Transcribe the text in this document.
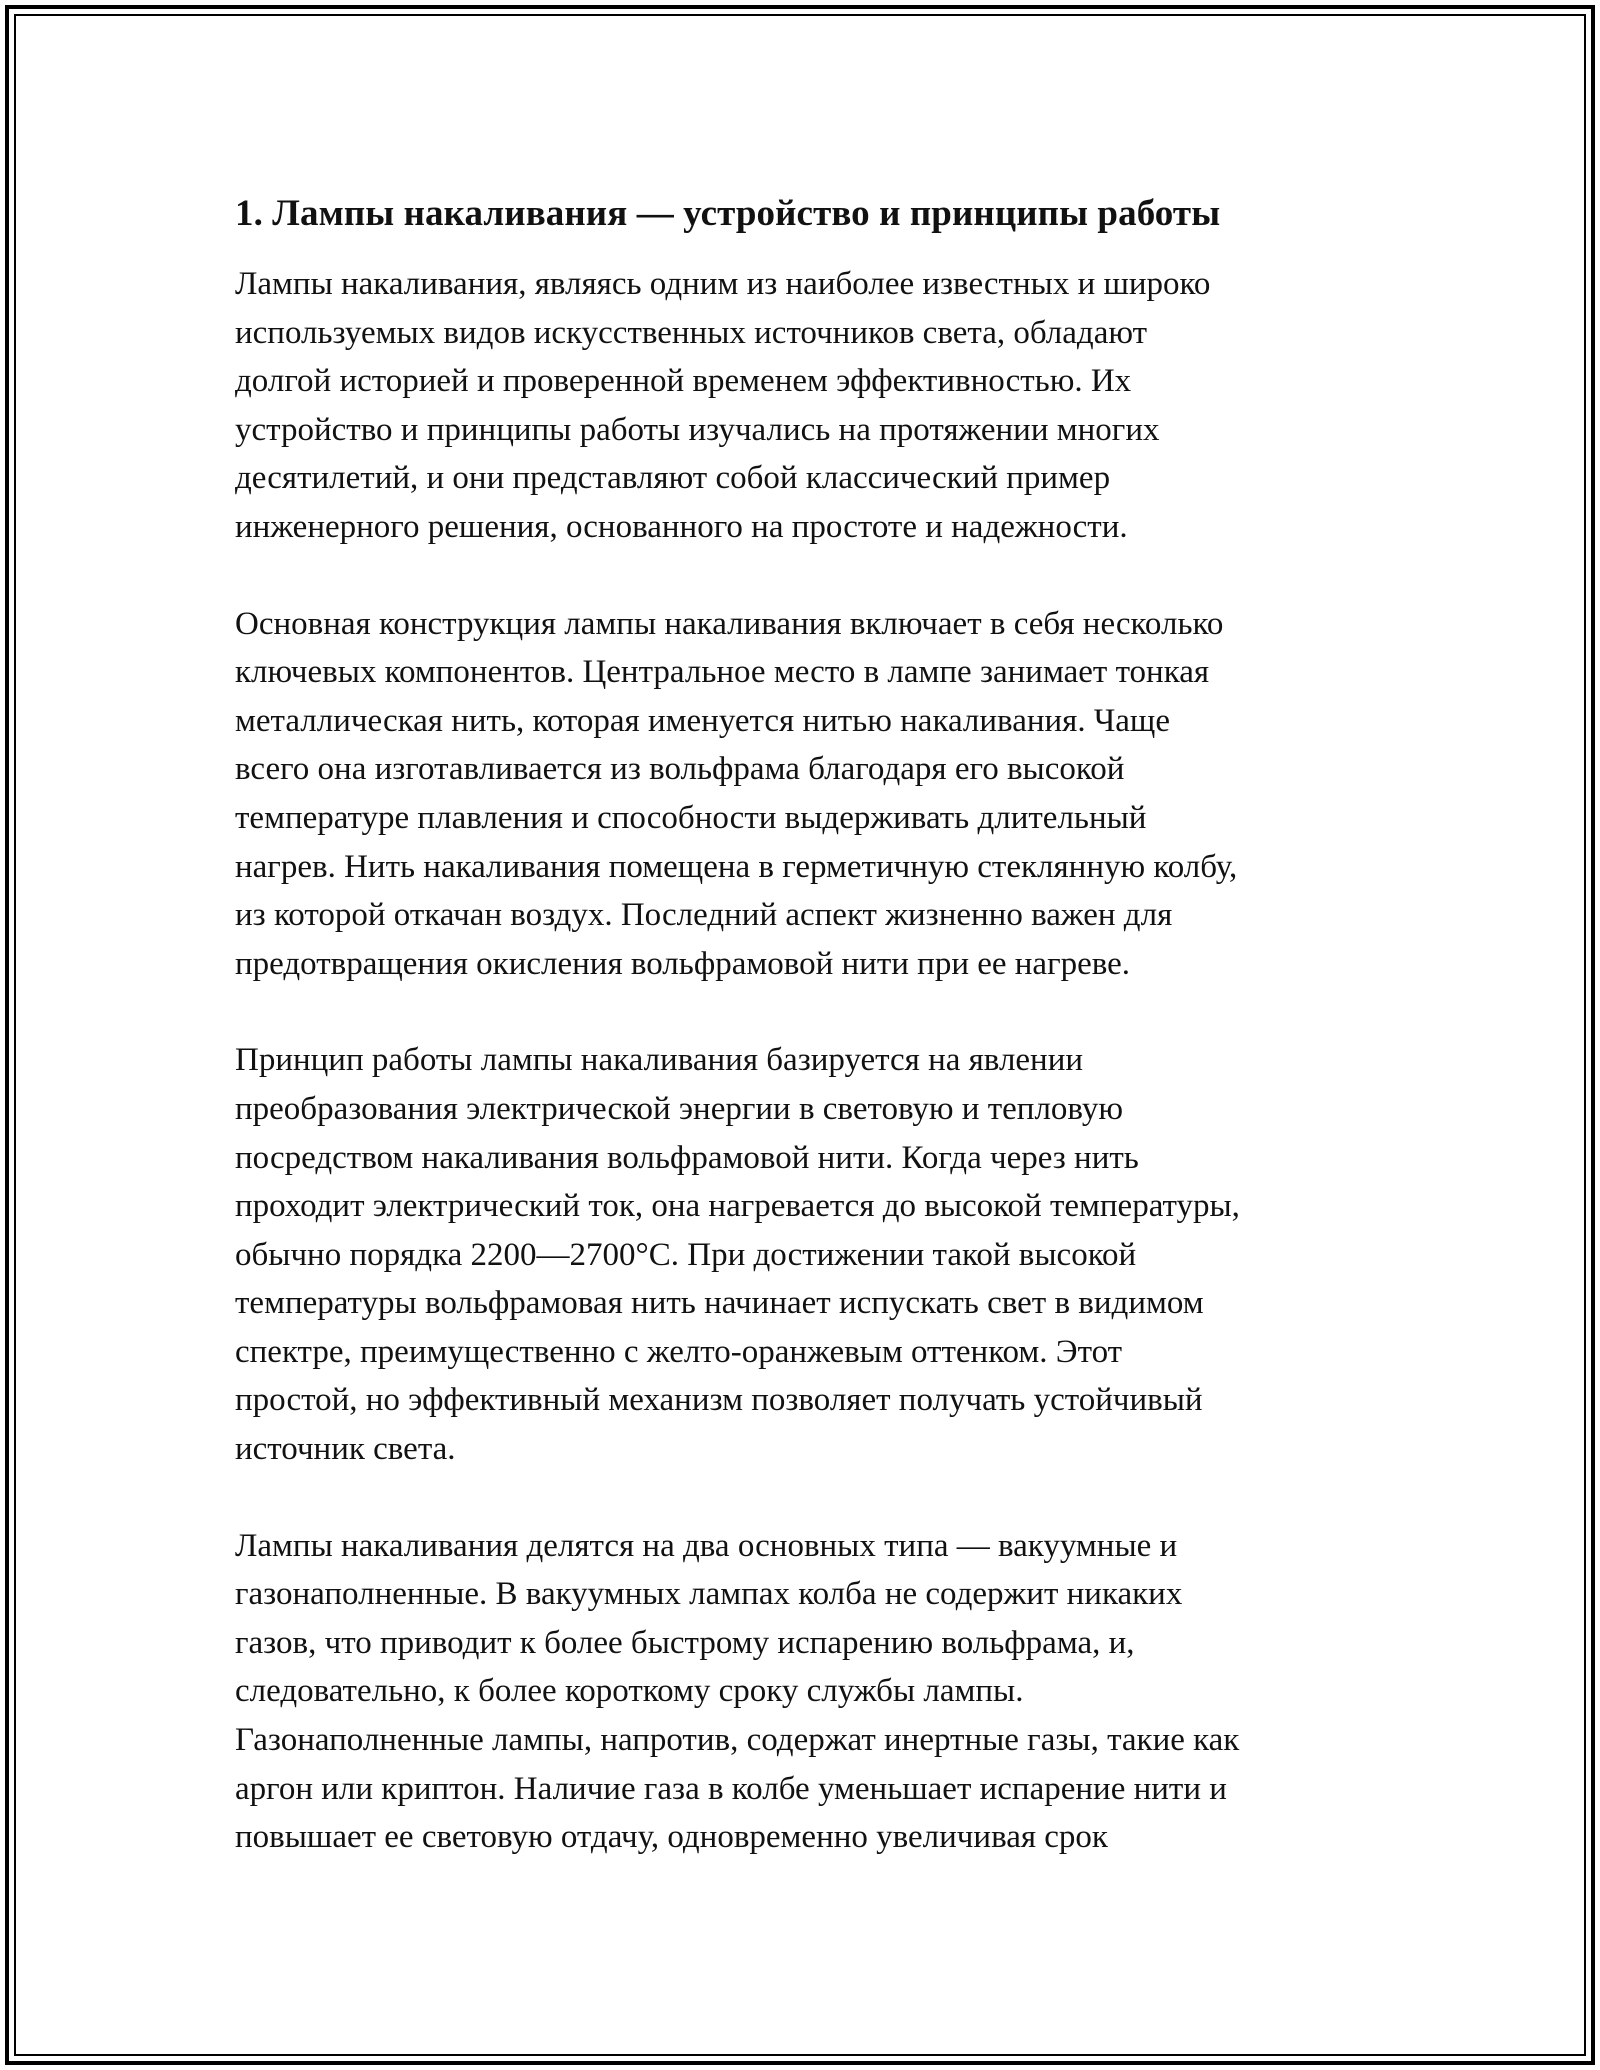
1. Лампы накаливания — устройство и принципы работы

Лампы накаливания, являясь одним из наиболее известных и широко
используемых видов искусственных источников света, обладают
долгой историей и проверенной временем эффективностью. Их
устройство и принципы работы изучались на протяжении многих
десятилетий, и они представляют собой классический пример
инженерного решения, основанного на простоте и надежности.

Основная конструкция лампы накаливания включает в себя несколько
ключевых компонентов. Центральное место в лампе занимает тонкая
металлическая нить, которая именуется нитью накаливания. Чаще
всего она изготавливается из вольфрама благодаря его высокой
температуре плавления и способности выдерживать длительный
нагрев. Нить накаливания помещена в герметичную стеклянную колбу,
из которой откачан воздух. Последний аспект жизненно важен для
предотвращения окисления вольфрамовой нити при ее нагреве.

Принцип работы лампы накаливания базируется на явлении
преобразования электрической энергии в световую и тепловую
посредством накаливания вольфрамовой нити. Когда через нить
проходит электрический ток, она нагревается до высокой температуры,
обычно порядка 2200—2700°C. При достижении такой высокой
температуры вольфрамовая нить начинает испускать свет в видимом
спектре, преимущественно с желто-оранжевым оттенком. Этот
простой, но эффективный механизм позволяет получать устойчивый
источник света.

Лампы накаливания делятся на два основных типа — вакуумные и
газонаполненные. В вакуумных лампах колба не содержит никаких
газов, что приводит к более быстрому испарению вольфрама, и,
следовательно, к более короткому сроку службы лампы.
Газонаполненные лампы, напротив, содержат инертные газы, такие как
аргон или криптон. Наличие газа в колбе уменьшает испарение нити и
повышает ее световую отдачу, одновременно увеличивая срок
